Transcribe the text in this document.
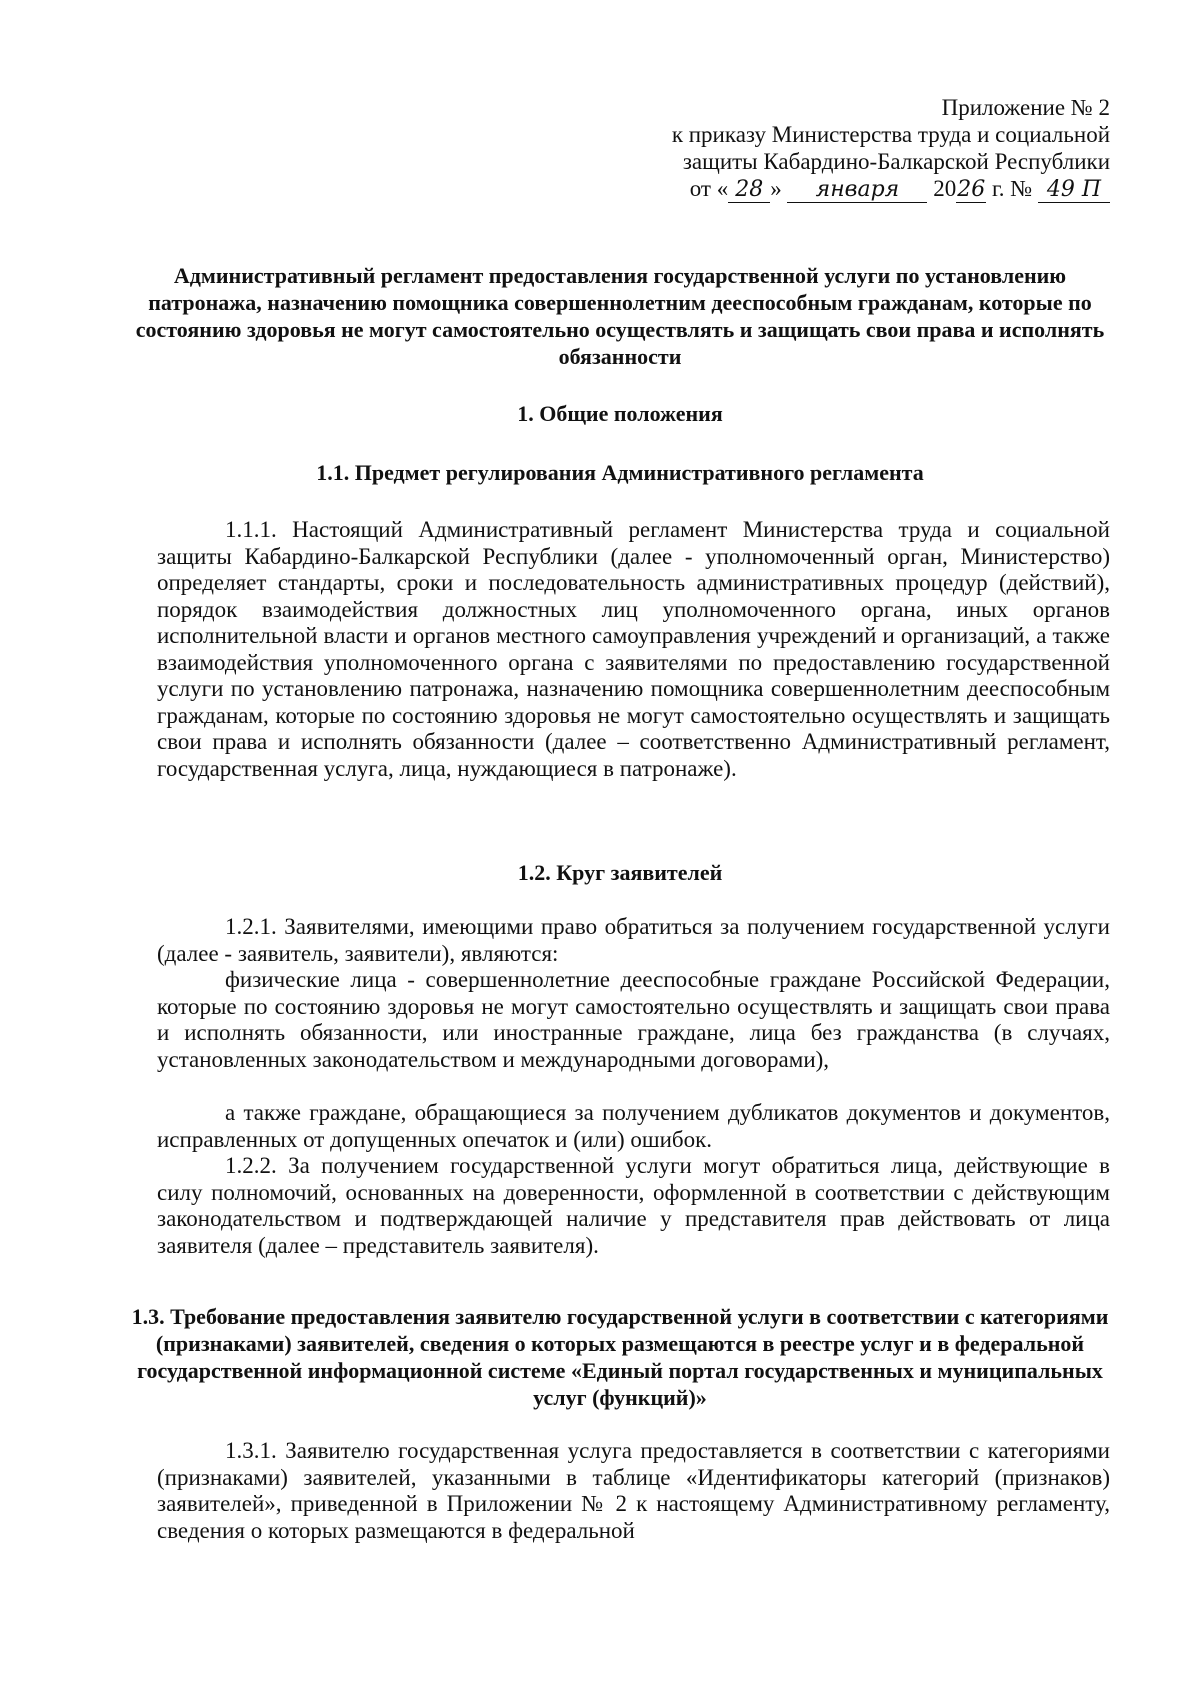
Приложение № 2
к приказу Министерства труда и социальной
защиты Кабардино-Балкарской Республики
от « 28 » января 2026 г. № 49 П

Административный регламент предоставления государственной услуги по установлению патронажа, назначению помощника совершеннолетним дееспособным гражданам, которые по состоянию здоровья не могут самостоятельно осуществлять и защищать свои права и исполнять обязанности

1. Общие положения

1.1. Предмет регулирования Административного регламента

1.1.1. Настоящий Административный регламент Министерства труда и социальной защиты Кабардино-Балкарской Республики (далее - уполномоченный орган, Министерство) определяет стандарты, сроки и последовательность административных процедур (действий), порядок взаимодействия должностных лиц уполномоченного органа, иных органов исполнительной власти и органов местного самоуправления учреждений и организаций, а также взаимодействия уполномоченного органа с заявителями по предоставлению государственной услуги по установлению патронажа, назначению помощника совершеннолетним дееспособным гражданам, которые по состоянию здоровья не могут самостоятельно осуществлять и защищать свои права и исполнять обязанности (далее – соответственно Административный регламент, государственная услуга, лица, нуждающиеся в патронаже).

1.2. Круг заявителей

1.2.1. Заявителями, имеющими право обратиться за получением государственной услуги (далее - заявитель, заявители), являются:

физические лица - совершеннолетние дееспособные граждане Российской Федерации, которые по состоянию здоровья не могут самостоятельно осуществлять и защищать свои права и исполнять обязанности, или иностранные граждане, лица без гражданства (в случаях, установленных законодательством и международными договорами),

а также граждане, обращающиеся за получением дубликатов документов и документов, исправленных от допущенных опечаток и (или) ошибок.

1.2.2. За получением государственной услуги могут обратиться лица, действующие в силу полномочий, основанных на доверенности, оформленной в соответствии с действующим законодательством и подтверждающей наличие у представителя прав действовать от лица заявителя (далее – представитель заявителя).

1.3. Требование предоставления заявителю государственной услуги в соответствии с категориями (признаками) заявителей, сведения о которых размещаются в реестре услуг и в федеральной государственной информационной системе «Единый портал государственных и муниципальных услуг (функций)»

1.3.1. Заявителю государственная услуга предоставляется в соответствии с категориями (признаками) заявителей, указанными в таблице «Идентификаторы категорий (признаков) заявителей», приведенной в Приложении № 2 к настоящему Административному регламенту, сведения о которых размещаются в федеральной
